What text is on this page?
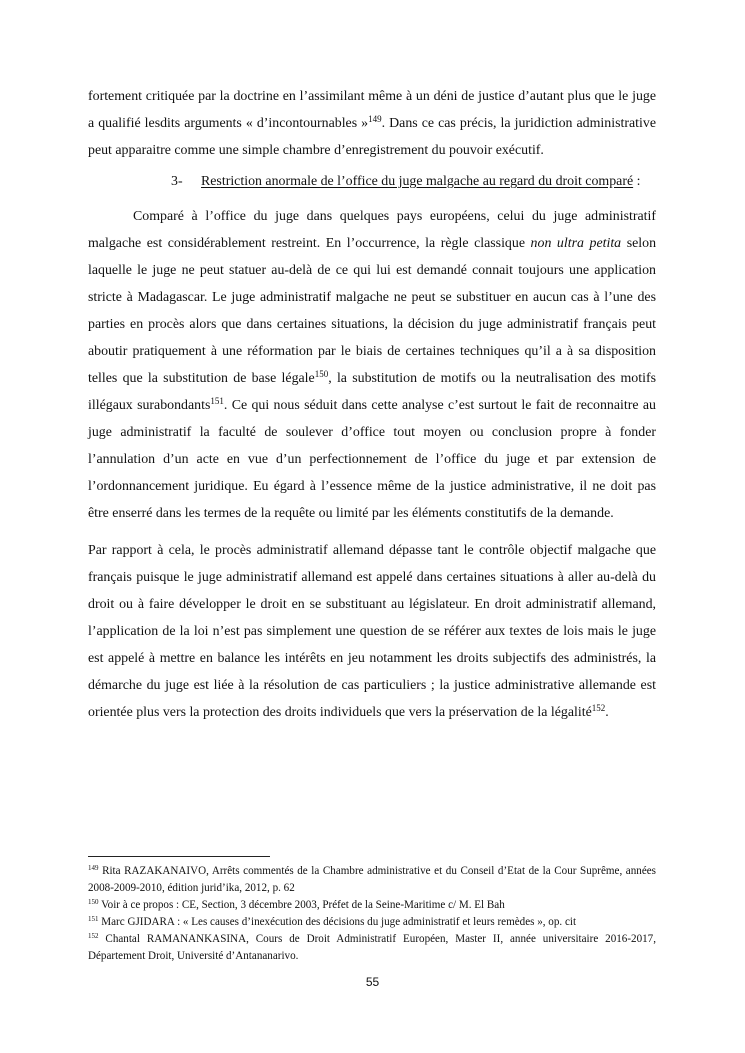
fortement critiquée par la doctrine en l’assimilant même à un déni de justice d’autant plus que le juge a qualifié lesdits arguments « d’incontournables »$^{149}$. Dans ce cas précis, la juridiction administrative peut apparaitre comme une simple chambre d’enregistrement du pouvoir exécutif.

3- Restriction anormale de l’office du juge malgache au regard du droit comparé :

Comparé à l’office du juge dans quelques pays européens, celui du juge administratif malgache est considérablement restreint. En l’occurrence, la règle classique non ultra petita selon laquelle le juge ne peut statuer au-delà de ce qui lui est demandé connait toujours une application stricte à Madagascar. Le juge administratif malgache ne peut se substituer en aucun cas à l’une des parties en procès alors que dans certaines situations, la décision du juge administratif français peut aboutir pratiquement à une réformation par le biais de certaines techniques qu’il a à sa disposition telles que la substitution de base légale$^{150}$, la substitution de motifs ou la neutralisation des motifs illégaux surabondants$^{151}$. Ce qui nous séduit dans cette analyse c’est surtout le fait de reconnaitre au juge administratif la faculté de soulever d’office tout moyen ou conclusion propre à fonder l’annulation d’un acte en vue d’un perfectionnement de l’office du juge et par extension de l’ordonnancement juridique. Eu égard à l’essence même de la justice administrative, il ne doit pas être enserré dans les termes de la requête ou limité par les éléments constitutifs de la demande.

Par rapport à cela, le procès administratif allemand dépasse tant le contrôle objectif malgache que français puisque le juge administratif allemand est appelé dans certaines situations à aller au-delà du droit ou à faire développer le droit en se substituant au législateur. En droit administratif allemand, l’application de la loi n’est pas simplement une question de se référer aux textes de lois mais le juge est appelé à mettre en balance les intérêts en jeu notamment les droits subjectifs des administrés, la démarche du juge est liée à la résolution de cas particuliers ; la justice administrative allemande est orientée plus vers la protection des droits individuels que vers la préservation de la légalité$^{152}$.

$^{149}$ Rita RAZAKANAIVO, Arrêts commentés de la Chambre administrative et du Conseil d’Etat de la Cour Suprême, années 2008-2009-2010, édition jurid’ika, 2012, p. 62

$^{150}$ Voir à ce propos : CE, Section, 3 décembre 2003, Préfet de la Seine-Maritime c/ M. El Bah

$^{151}$ Marc GJIDARA : « Les causes d’inexécution des décisions du juge administratif et leurs remèdes », op. cit

$^{152}$ Chantal RAMANANKASINA, Cours de Droit Administratif Européen, Master II, année universitaire 2016-2017, Département Droit, Université d’Antananarivo.

55
